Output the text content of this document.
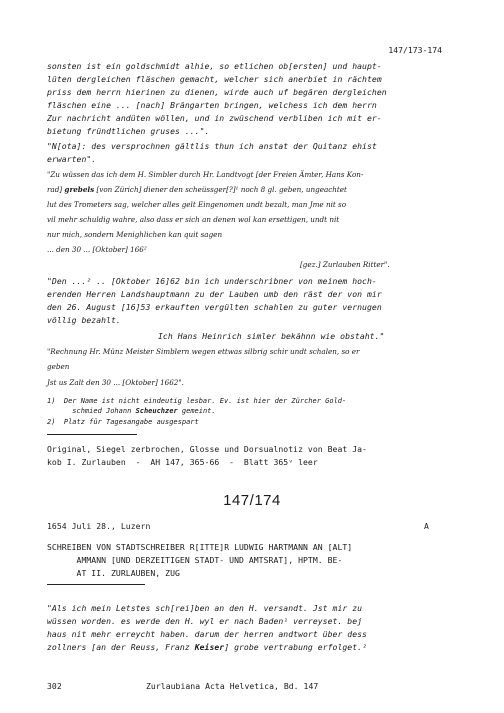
147/173-174
sonsten ist ein goldschmidt alhie, so etlichen ob[ersten] und haupt-
lüten dergleichen fläschen gemacht, welcher sich anerbiet in rächtem
priss dem herrn hierinen zu dienen, wirde auch uf begären dergleichen
fläschen eine ... [nach] Brängarten bringen, welchess ich dem herrn
Zur nachricht andüten wöllen, und in zwüschend verbliben ich mit er-
bietung fründtlichen gruses ...".
"N[ota]: des versprochnen gältlis thun ich anstat der Quitanz ehist
erwarten".
"Zu wüssen das ich dem H. Simbler durch Hr. Landtvogt [der Freien Ämter, Hans Kon-
rad] grebels [von Zürich] diener den scheüssger[?]¹ noch 8 gl. geben, ungeachtet
lut des Trometers sag, welcher alles gelt Eingenomen undt bezalt, man Jme nit so
vil mehr schuldig wahre, also dass er sich an denen wol kan ersettigen, undt nit
nur mich, sondern Menighlichen kan quit sagen
... den 30 ... [Oktober] 166²
[gez.] Zurlauben Ritter".
"Den ...² .. [Oktober 16]62 bin ich underschribner von meinem hoch-
erenden Herren Landshauptmann zu der Lauben umb den räst der von mir
den 26. August [16]53 erkauften vergülten schahlen zu guter vernugen
völlig bezahlt.
Ich Hans Heinrich simler bekähnn wie obstaht."
"Rechnung Hr. Münz Meister Simblern wegen ettwas silbrig schir undt schalen, so er
geben
Jst us Zalt den 30 ... [Oktober] 1662".
1)  Der Name ist nicht eindeutig lesbar. Ev. ist hier der Zürcher Gold-
schmied Johann Scheuchzer gemeint.
2)  Platz für Tagesangabe ausgespart
Original, Siegel zerbrochen, Glosse und Dorsualnotiz von Beat Ja-
kob I. Zurlauben  -  AH 147, 365-66  -  Blatt 365ᵛ leer
147/174
1654 Juli 28., Luzern	A
SCHREIBEN VON STADTSCHREIBER R[ITTE]R LUDWIG HARTMANN AN [ALT]
AMMANN [UND DERZEITIGEN STADT- UND AMTSRAT], HPTM. BE-
AT II. ZURLAUBEN, ZUG
"Als ich mein Letstes sch[rei]ben an den H. versandt. Jst mir zu
wüssen worden. es werde den H. wyl er nach Baden¹ verreyset. bej
haus nit mehr erreycht haben. darum der herren andtwort über dess
zollners [an der Reuss, Franz Keiser] grobe vertrabung erfolget.²
302	Zurlaubiana Acta Helvetica, Bd. 147
